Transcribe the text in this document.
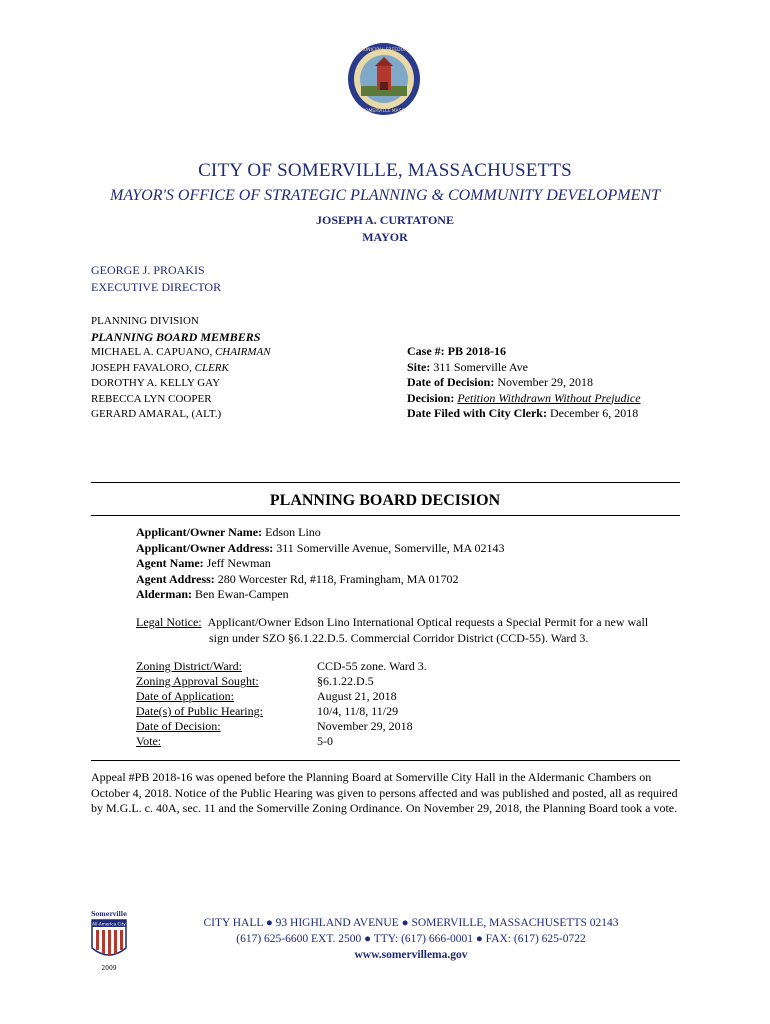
MUNICIPAL FREEDOM
SOMERVILLE MASS.
CITY OF SOMERVILLE, MASSACHUSETTS
MAYOR'S OFFICE OF STRATEGIC PLANNING & COMMUNITY DEVELOPMENT
JOSEPH A. CURTATONE
MAYOR
GEORGE J. PROAKIS
EXECUTIVE DIRECTOR
PLANNING DIVISION
PLANNING BOARD MEMBERS
MICHAEL A. CAPUANO, CHAIRMAN
JOSEPH FAVALORO, CLERK
DOROTHY A. KELLY GAY
REBECCA LYN COOPER
GERARD AMARAL, (ALT.)
Case #: PB 2018-16
Site: 311 Somerville Ave
Date of Decision: November 29, 2018
Decision: Petition Withdrawn Without Prejudice
Date Filed with City Clerk: December 6, 2018
PLANNING BOARD DECISION
Applicant/Owner Name: Edson Lino
Applicant/Owner Address: 311 Somerville Avenue, Somerville, MA 02143
Agent Name: Jeff Newman
Agent Address: 280 Worcester Rd, #118, Framingham, MA 01702
Alderman: Ben Ewan-Campen
Legal Notice: Applicant/Owner Edson Lino International Optical requests a Special Permit for a new wall
sign under SZO §6.1.22.D.5. Commercial Corridor District (CCD-55). Ward 3.
Zoning District/Ward:	CCD-55 zone. Ward 3.
Zoning Approval Sought:	§6.1.22.D.5
Date of Application:	August 21, 2018
Date(s) of Public Hearing:	10/4, 11/8, 11/29
Date of Decision:	November 29, 2018
Vote:	5-0
Appeal #PB 2018-16 was opened before the Planning Board at Somerville City Hall in the Aldermanic Chambers on October 4, 2018. Notice of the Public Hearing was given to persons affected and was published and posted, all as required by M.G.L. c. 40A, sec. 11 and the Somerville Zoning Ordinance. On November 29, 2018, the Planning Board took a vote.
Somerville
All-America City
2009
CITY HALL ● 93 HIGHLAND AVENUE ● SOMERVILLE, MASSACHUSETTS 02143
(617) 625-6600 EXT. 2500 ● TTY: (617) 666-0001 ● FAX: (617) 625-0722
www.somervillema.gov
